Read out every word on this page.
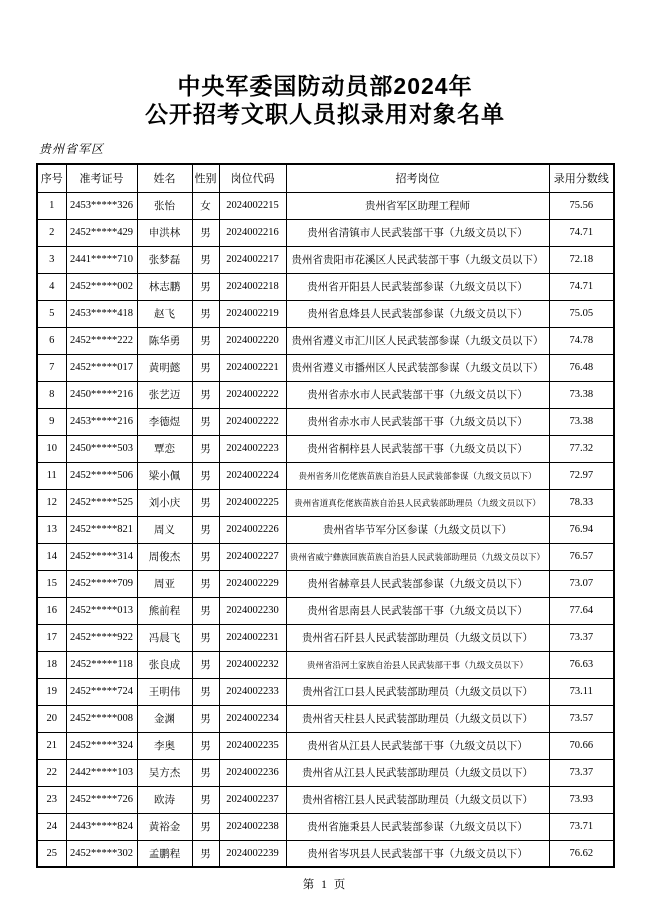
中央军委国防动员部2024年
公开招考文职人员拟录用对象名单
贵州省军区
序号	准考证号	姓名	性别	岗位代码	招考岗位	录用分数线
1	2453*****326	张怡	女	2024002215	贵州省军区助理工程师	75.56
2	2452*****429	申洪林	男	2024002216	贵州省清镇市人民武装部干事（九级文员以下）	74.71
3	2441*****710	张梦磊	男	2024002217	贵州省贵阳市花溪区人民武装部干事（九级文员以下）	72.18
4	2452*****002	林志鹏	男	2024002218	贵州省开阳县人民武装部参谋（九级文员以下）	74.71
5	2453*****418	赵飞	男	2024002219	贵州省息烽县人民武装部参谋（九级文员以下）	75.05
6	2452*****222	陈华勇	男	2024002220	贵州省遵义市汇川区人民武装部参谋（九级文员以下）	74.78
7	2452*****017	黄明懿	男	2024002221	贵州省遵义市播州区人民武装部参谋（九级文员以下）	76.48
8	2450*****216	张艺迈	男	2024002222	贵州省赤水市人民武装部干事（九级文员以下）	73.38
9	2453*****216	李德煜	男	2024002222	贵州省赤水市人民武装部干事（九级文员以下）	73.38
10	2450*****503	覃恋	男	2024002223	贵州省桐梓县人民武装部干事（九级文员以下）	77.32
11	2452*****506	梁小佩	男	2024002224	贵州省务川仡佬族苗族自治县人民武装部参谋（九级文员以下）	72.97
12	2452*****525	刘小庆	男	2024002225	贵州省道真仡佬族苗族自治县人民武装部助理员（九级文员以下）	78.33
13	2452*****821	周义	男	2024002226	贵州省毕节军分区参谋（九级文员以下）	76.94
14	2452*****314	周俊杰	男	2024002227	贵州省威宁彝族回族苗族自治县人民武装部助理员（九级文员以下）	76.57
15	2452*****709	周亚	男	2024002229	贵州省赫章县人民武装部参谋（九级文员以下）	73.07
16	2452*****013	熊前程	男	2024002230	贵州省思南县人民武装部干事（九级文员以下）	77.64
17	2452*****922	冯晨飞	男	2024002231	贵州省石阡县人民武装部助理员（九级文员以下）	73.37
18	2452*****118	张良成	男	2024002232	贵州省沿河土家族自治县人民武装部干事（九级文员以下）	76.63
19	2452*****724	王明伟	男	2024002233	贵州省江口县人民武装部助理员（九级文员以下）	73.11
20	2452*****008	金渊	男	2024002234	贵州省天柱县人民武装部助理员（九级文员以下）	73.57
21	2452*****324	李奥	男	2024002235	贵州省从江县人民武装部干事（九级文员以下）	70.66
22	2442*****103	吴方杰	男	2024002236	贵州省从江县人民武装部助理员（九级文员以下）	73.37
23	2452*****726	欧涛	男	2024002237	贵州省榕江县人民武装部助理员（九级文员以下）	73.93
24	2443*****824	黄裕金	男	2024002238	贵州省施秉县人民武装部参谋（九级文员以下）	73.71
25	2452*****302	孟鹏程	男	2024002239	贵州省岑巩县人民武装部干事（九级文员以下）	76.62
第 1 页
